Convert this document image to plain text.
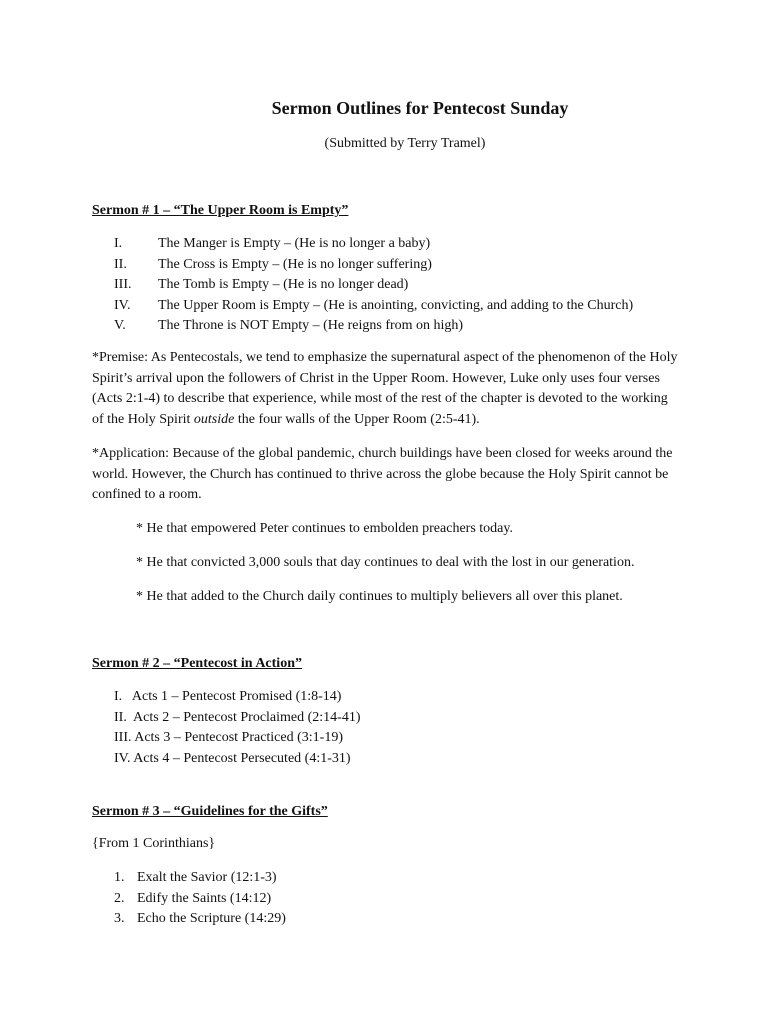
Sermon Outlines for Pentecost Sunday
(Submitted by Terry Tramel)
Sermon # 1 – “The Upper Room is Empty”
I.	The Manger is Empty – (He is no longer a baby)
II. The Cross is Empty – (He is no longer suffering)
III. The Tomb is Empty – (He is no longer dead)
IV. The Upper Room is Empty – (He is anointing, convicting, and adding to the Church)
V. The Throne is NOT Empty – (He reigns from on high)

*Premise: As Pentecostals, we tend to emphasize the supernatural aspect of the phenomenon of the Holy Spirit’s arrival upon the followers of Christ in the Upper Room. However, Luke only uses four verses (Acts 2:1-4) to describe that experience, while most of the rest of the chapter is devoted to the working of the Holy Spirit outside the four walls of the Upper Room (2:5-41).

*Application: Because of the global pandemic, church buildings have been closed for weeks around the world. However, the Church has continued to thrive across the globe because the Holy Spirit cannot be confined to a room.

* He that empowered Peter continues to embolden preachers today.
* He that convicted 3,000 souls that day continues to deal with the lost in our generation.
* He that added to the Church daily continues to multiply believers all over this planet.
Sermon # 2 – “Pentecost in Action”
I.   Acts 1 – Pentecost Promised (1:8-14)
II.  Acts 2 – Pentecost Proclaimed (2:14-41)
III. Acts 3 – Pentecost Practiced (3:1-19)
IV. Acts 4 – Pentecost Persecuted (4:1-31)
Sermon # 3 – “Guidelines for the Gifts”
{From 1 Corinthians}
1. Exalt the Savior (12:1-3)
2. Edify the Saints (14:12)
3. Echo the Scripture (14:29)
